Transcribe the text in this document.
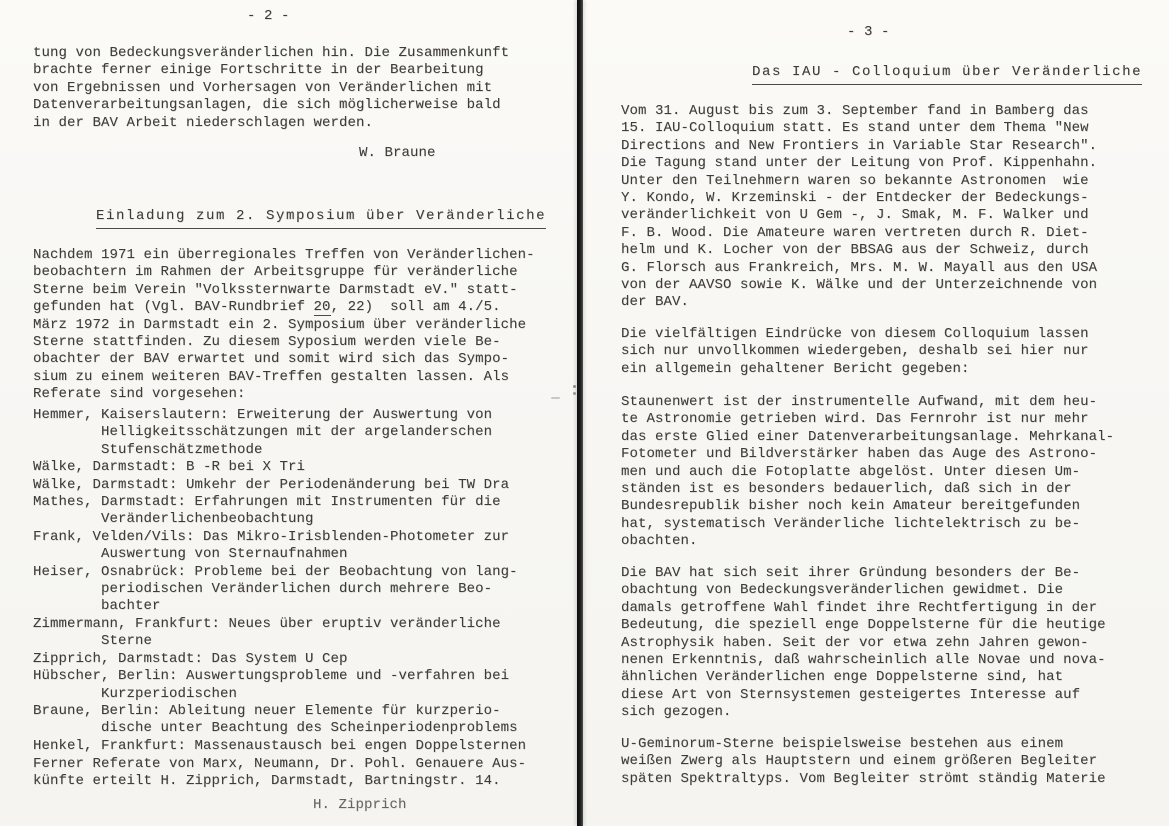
- 2 -
tung von Bedeckungsveränderlichen hin. Die Zusammenkunft
brachte ferner einige Fortschritte in der Bearbeitung
von Ergebnissen und Vorhersagen von Veränderlichen mit
Datenverarbeitungsanlagen, die sich möglicherweise bald
in der BAV Arbeit niederschlagen werden.
W. Braune

Einladung zum 2. Symposium über Veränderliche

Nachdem 1971 ein überregionales Treffen von Veränderlichen-
beobachtern im Rahmen der Arbeitsgruppe für veränderliche
Sterne beim Verein "Volkssternwarte Darmstadt eV." statt-
gefunden hat (Vgl. BAV-Rundbrief 20, 22)  soll am 4./5.
März 1972 in Darmstadt ein 2. Symposium über veränderliche
Sterne stattfinden. Zu diesem Syposium werden viele Be-
obachter der BAV erwartet und somit wird sich das Sympo-
sium zu einem weiteren BAV-Treffen gestalten lassen. Als
Referate sind vorgesehen:
Hemmer, Kaiserslautern: Erweiterung der Auswertung von
Helligkeitsschätzungen mit der argelanderschen
Stufenschätzmethode
Wälke, Darmstadt: B -R bei X Tri
Wälke, Darmstadt: Umkehr der Periodenänderung bei TW Dra
Mathes, Darmstadt: Erfahrungen mit Instrumenten für die
Veränderlichenbeobachtung
Frank, Velden/Vils: Das Mikro-Irisblenden-Photometer zur
Auswertung von Sternaufnahmen
Heiser, Osnabrück: Probleme bei der Beobachtung von lang-
periodischen Veränderlichen durch mehrere Beo-
bachter
Zimmermann, Frankfurt: Neues über eruptiv veränderliche
Sterne
Zipprich, Darmstadt: Das System U Cep
Hübscher, Berlin: Auswertungsprobleme und -verfahren bei
Kurzperiodischen
Braune, Berlin: Ableitung neuer Elemente für kurzperio-
dische unter Beachtung des Scheinperiodenproblems
Henkel, Frankfurt: Massenaustausch bei engen Doppelsternen
Ferner Referate von Marx, Neumann, Dr. Pohl. Genauere Aus-
künfte erteilt H. Zipprich, Darmstadt, Bartningstr. 14.
H. Zipprich
- 3 -

Das IAU - Colloquium über Veränderliche

Vom 31. August bis zum 3. September fand in Bamberg das
15. IAU-Colloquium statt. Es stand unter dem Thema "New
Directions and New Frontiers in Variable Star Research".
Die Tagung stand unter der Leitung von Prof. Kippenhahn.
Unter den Teilnehmern waren so bekannte Astronomen  wie
Y. Kondo, W. Krzeminski - der Entdecker der Bedeckungs-
veränderlichkeit von U Gem -, J. Smak, M. F. Walker und
F. B. Wood. Die Amateure waren vertreten durch R. Diet-
helm und K. Locher von der BBSAG aus der Schweiz, durch
G. Florsch aus Frankreich, Mrs. M. W. Mayall aus den USA
von der AAVSO sowie K. Wälke und der Unterzeichnende von
der BAV.
Die vielfältigen Eindrücke von diesem Colloquium lassen
sich nur unvollkommen wiedergeben, deshalb sei hier nur
ein allgemein gehaltener Bericht gegeben:
Staunenwert ist der instrumentelle Aufwand, mit dem heu-
te Astronomie getrieben wird. Das Fernrohr ist nur mehr
das erste Glied einer Datenverarbeitungsanlage. Mehrkanal-
Fotometer und Bildverstärker haben das Auge des Astrono-
men und auch die Fotoplatte abgelöst. Unter diesen Um-
ständen ist es besonders bedauerlich, daß sich in der
Bundesrepublik bisher noch kein Amateur bereitgefunden
hat, systematisch Veränderliche lichtelektrisch zu be-
obachten.
Die BAV hat sich seit ihrer Gründung besonders der Be-
obachtung von Bedeckungsveränderlichen gewidmet. Die
damals getroffene Wahl findet ihre Rechtfertigung in der
Bedeutung, die speziell enge Doppelsterne für die heutige
Astrophysik haben. Seit der vor etwa zehn Jahren gewon-
nenen Erkenntnis, daß wahrscheinlich alle Novae und nova-
ähnlichen Veränderlichen enge Doppelsterne sind, hat
diese Art von Sternsystemen gesteigertes Interesse auf
sich gezogen.
U-Geminorum-Sterne beispielsweise bestehen aus einem
weißen Zwerg als Hauptstern und einem größeren Begleiter
späten Spektraltyps. Vom Begleiter strömt ständig Materie
